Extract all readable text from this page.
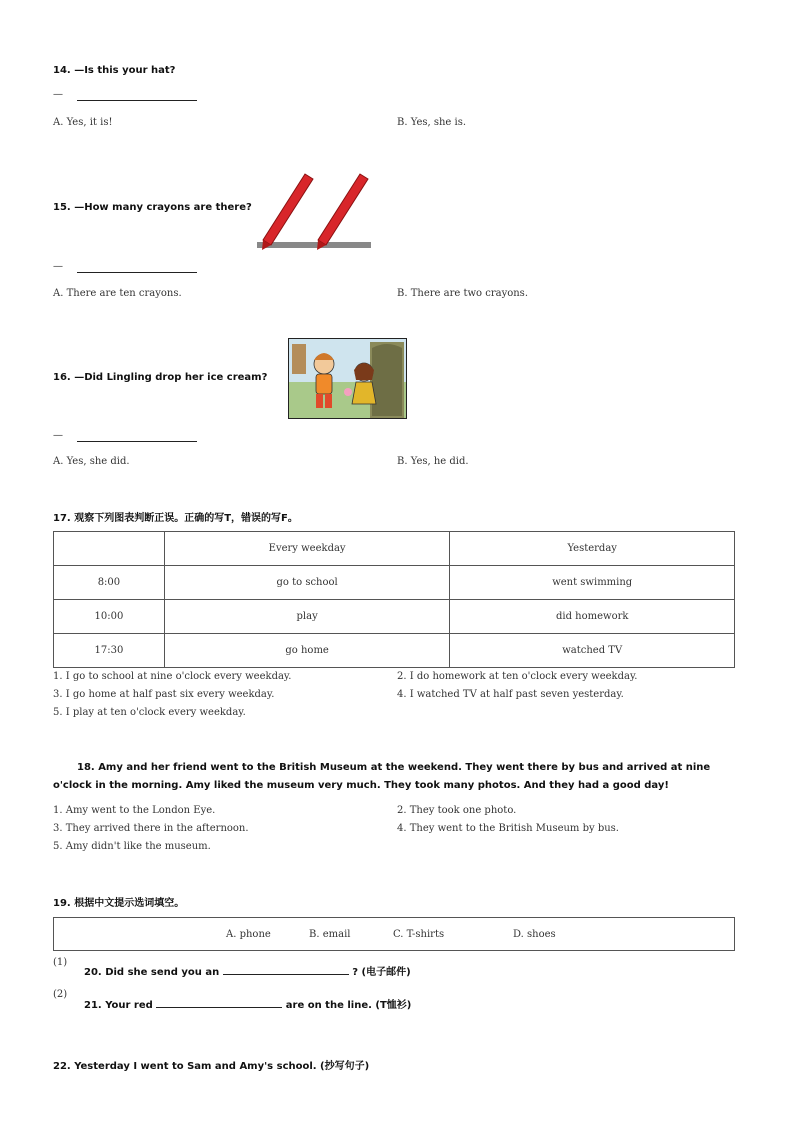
14. —Is this your hat?
—
A. Yes, it is!	B. Yes, she is.
15. —How many crayons are there?
—
A. There are ten crayons.	B. There are two crayons.
16. —Did Lingling drop her ice cream?
—
A. Yes, she did.	B. Yes, he did.
17. 观察下列图表判断正误。正确的写T，错误的写F。
	Every weekday	Yesterday
8:00	go to school	went swimming
10:00	play	did homework
17:30	go home	watched TV
1. I go to school at nine o'clock every weekday.	2. I do homework at ten o'clock every weekday.
3. I go home at half past six every weekday.	4. I watched TV at half past seven yesterday.
5. I play at ten o'clock every weekday.
18. Amy and her friend went to the British Museum at the weekend. They went there by bus and arrived at nine
o'clock in the morning. Amy liked the museum very much. They took many photos. And they had a good day!
1. Amy went to the London Eye.	2. They took one photo.
3. They arrived there in the afternoon.	4. They went to the British Museum by bus.
5. Amy didn't like the museum.
19. 根据中文提示选词填空。
A. phone	B. email	C. T-shirts	D. shoes
(1)
20. Did she send you an	? (电子邮件)
(2)
21. Your red	are on the line. (T恤衫)
22. Yesterday I went to Sam and Amy's school. (抄写句子)
